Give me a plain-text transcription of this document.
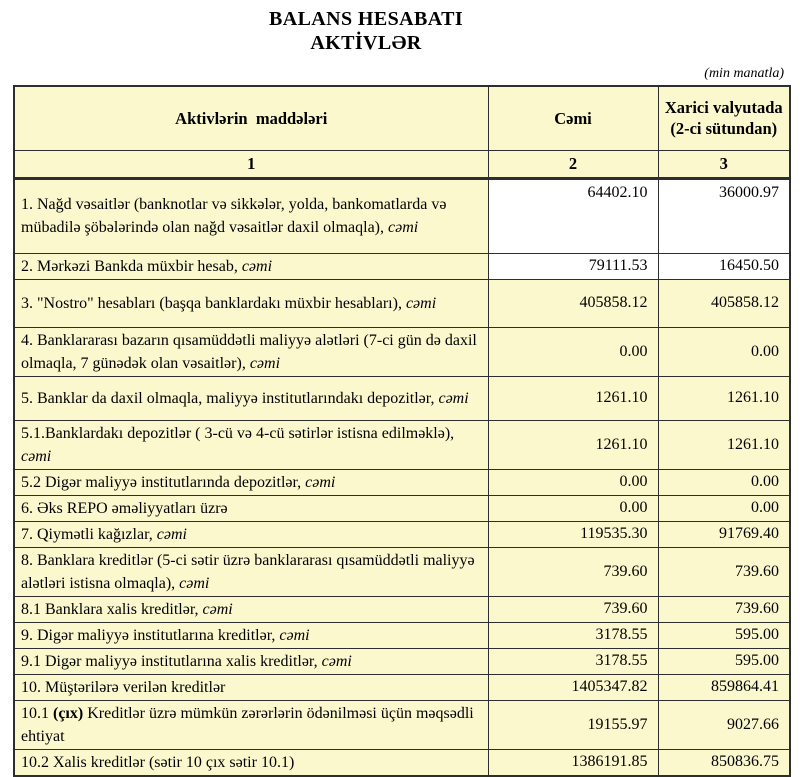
BALANS HESABATI
AKTİVLƏR
(min manatla)
Aktivlərin  maddələri	Cəmi	Xarici valyutada (2-ci sütundan)
1	2	3
1. Nağd vəsaitlər (banknotlar və sikkələr, yolda, bankomatlarda və mübadilə şöbələrində olan nağd vəsaitlər daxil olmaqla), cəmi	64402.10	36000.97
2. Mərkəzi Bankda müxbir hesab, cəmi	79111.53	16450.50
3. "Nostro" hesabları (başqa banklardakı müxbir hesabları), cəmi	405858.12	405858.12
4. Banklararası bazarın qısamüddətli maliyyə alətləri (7-ci gün də daxil olmaqla, 7 günədək olan vəsaitlər), cəmi	0.00	0.00
5. Banklar da daxil olmaqla, maliyyə institutlarındakı depozitlər, cəmi	1261.10	1261.10
5.1.Banklardakı depozitlər ( 3-cü və 4-cü sətirlər istisna edilməklə), cəmi	1261.10	1261.10
5.2 Digər maliyyə institutlarında depozitlər, cəmi	0.00	0.00
6. Əks REPO əməliyyatları üzrə	0.00	0.00
7. Qiymətli kağızlar, cəmi	119535.30	91769.40
8. Banklara kreditlər (5-ci sətir üzrə banklararası qısamüddətli maliyyə alətləri istisna olmaqla), cəmi	739.60	739.60
8.1 Banklara xalis kreditlər, cəmi	739.60	739.60
9. Digər maliyyə institutlarına kreditlər, cəmi	3178.55	595.00
9.1 Digər maliyyə institutlarına xalis kreditlər, cəmi	3178.55	595.00
10. Müştərilərə verilən kreditlər	1405347.82	859864.41
10.1 (çıx) Kreditlər üzrə mümkün zərərlərin ödənilməsi üçün məqsədli ehtiyat	19155.97	9027.66
10.2 Xalis kreditlər (sətir 10 çıx sətir 10.1)	1386191.85	850836.75
